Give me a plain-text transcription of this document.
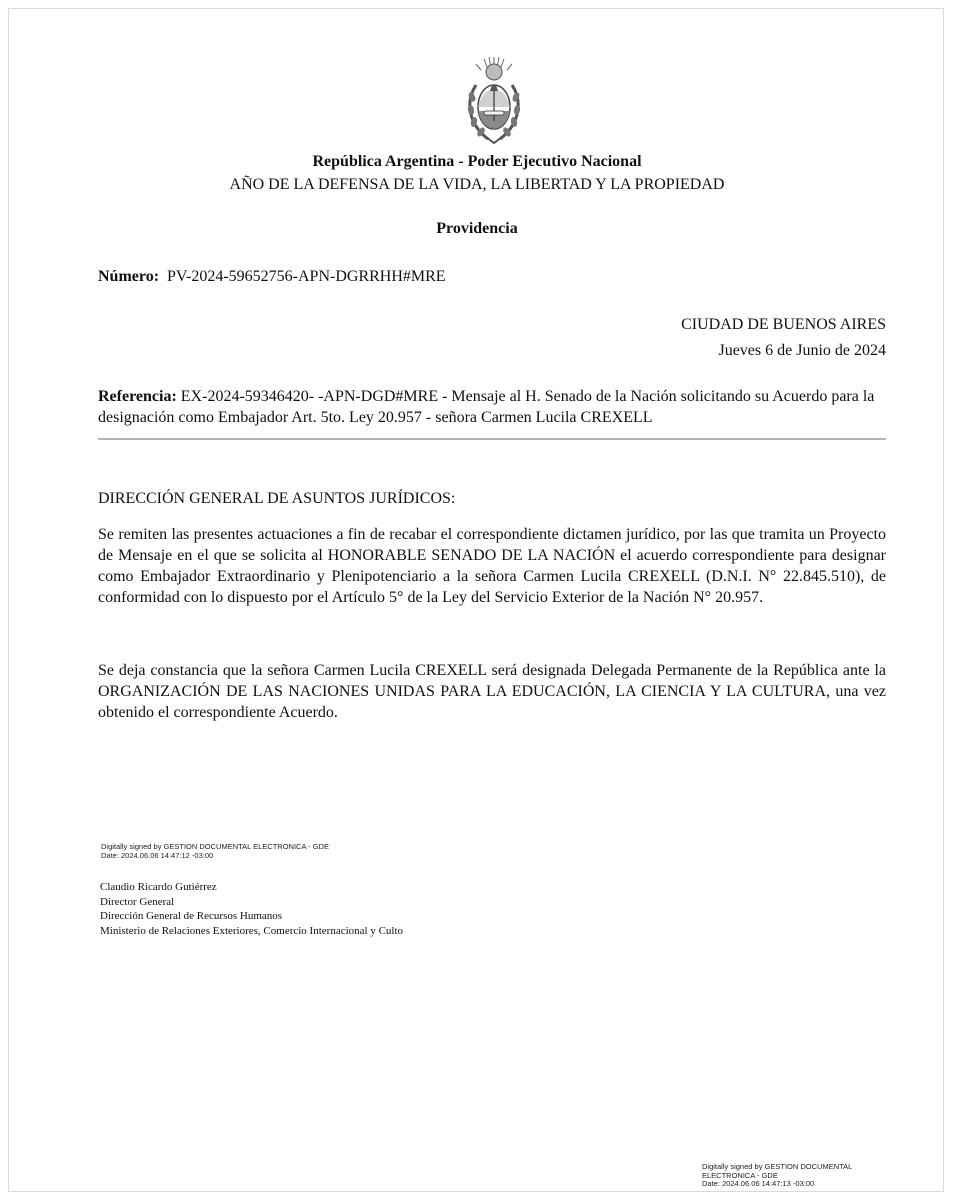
República Argentina - Poder Ejecutivo Nacional
AÑO DE LA DEFENSA DE LA VIDA, LA LIBERTAD Y LA PROPIEDAD
Providencia
Número: PV-2024-59652756-APN-DGRRHH#MRE
CIUDAD DE BUENOS AIRES
Jueves 6 de Junio de 2024
Referencia: EX-2024-59346420- -APN-DGD#MRE - Mensaje al H. Senado de la Nación solicitando su Acuerdo para la designación como Embajador Art. 5to. Ley 20.957 - señora Carmen Lucila CREXELL
DIRECCIÓN GENERAL DE ASUNTOS JURÍDICOS:
Se remiten las presentes actuaciones a fin de recabar el correspondiente dictamen jurídico, por las que tramita un Proyecto de Mensaje en el que se solicita al HONORABLE SENADO DE LA NACIÓN el acuerdo correspondiente para designar como Embajador Extraordinario y Plenipotenciario a la señora Carmen Lucila CREXELL (D.N.I. N° 22.845.510), de conformidad con lo dispuesto por el Artículo 5° de la Ley del Servicio Exterior de la Nación N° 20.957.
Se deja constancia que la señora Carmen Lucila CREXELL será designada Delegada Permanente de la República ante la ORGANIZACIÓN DE LAS NACIONES UNIDAS PARA LA EDUCACIÓN, LA CIENCIA Y LA CULTURA, una vez obtenido el correspondiente Acuerdo.
Digitally signed by GESTION DOCUMENTAL ELECTRONICA - GDE
Date: 2024.06.06 14:47:12 -03:00
Claudio Ricardo Gutiérrez
Director General
Dirección General de Recursos Humanos
Ministerio de Relaciones Exteriores, Comercio Internacional y Culto
Digitally signed by GESTION DOCUMENTAL
ELECTRONICA - GDE
Date: 2024.06.06 14:47:13 -03:00
